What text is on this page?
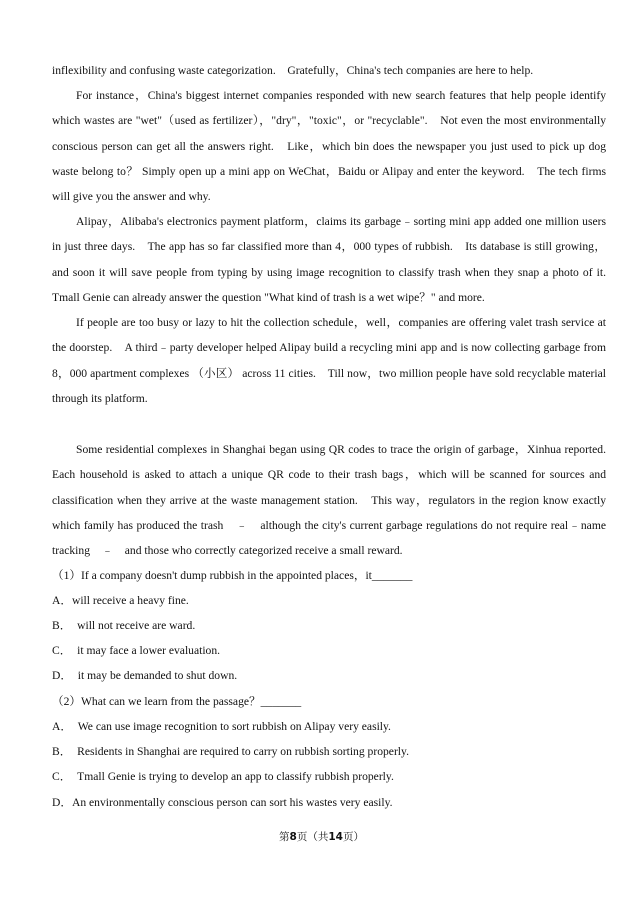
inflexibility and confusing waste categorization.　Gratefully，China's tech companies are here to help.

For instance，China's biggest internet companies responded with new search features that help people identify which wastes are "wet"（used as fertilizer），"dry"，"toxic"，or "recyclable".　Not even the most environmentally conscious person can get all the answers right.　Like，which bin does the newspaper you just used to pick up dog waste belong to？ Simply open up a mini app on WeChat，Baidu or Alipay and enter the keyword.　The tech firms will give you the answer and why.

Alipay，Alibaba's electronics payment platform，claims its garbage﹣sorting mini app added one million users in just three days.　The app has so far classified more than 4，000 types of rubbish.　Its database is still growing，and soon it will save people from typing by using image recognition to classify trash when they snap a photo of it.　Tmall Genie can already answer the question "What kind of trash is a wet wipe？" and more.

If people are too busy or lazy to hit the collection schedule，well，companies are offering valet trash service at the doorstep.　A third﹣party developer helped Alipay build a recycling mini app and is now collecting garbage from 8，000 apartment complexes （小区） across 11 cities.　Till now，two million people have sold recyclable material through its platform.

Some residential complexes in Shanghai began using QR codes to trace the origin of garbage，Xinhua reported.　Each household is asked to attach a unique QR code to their trash bags，which will be scanned for sources and classification when they arrive at the waste management station.　This way，regulators in the region know exactly which family has produced the trash　﹣　although the city's current garbage regulations do not require real﹣name tracking　﹣　and those who correctly categorized receive a small reward.

（1）If a company doesn't dump rubbish in the appointed places，it_______

A．will receive a heavy fine.

B．　will not receive are ward.

C．　it may face a lower evaluation.

D．　it may be demanded to shut down.

（2）What can we learn from the passage？_______

A．　We can use image recognition to sort rubbish on Alipay very easily.

B．　Residents in Shanghai are required to carry on rubbish sorting properly.

C．　Tmall Genie is trying to develop an app to classify rubbish properly.

D．An environmentally conscious person can sort his wastes very easily.

第8页（共14页）
